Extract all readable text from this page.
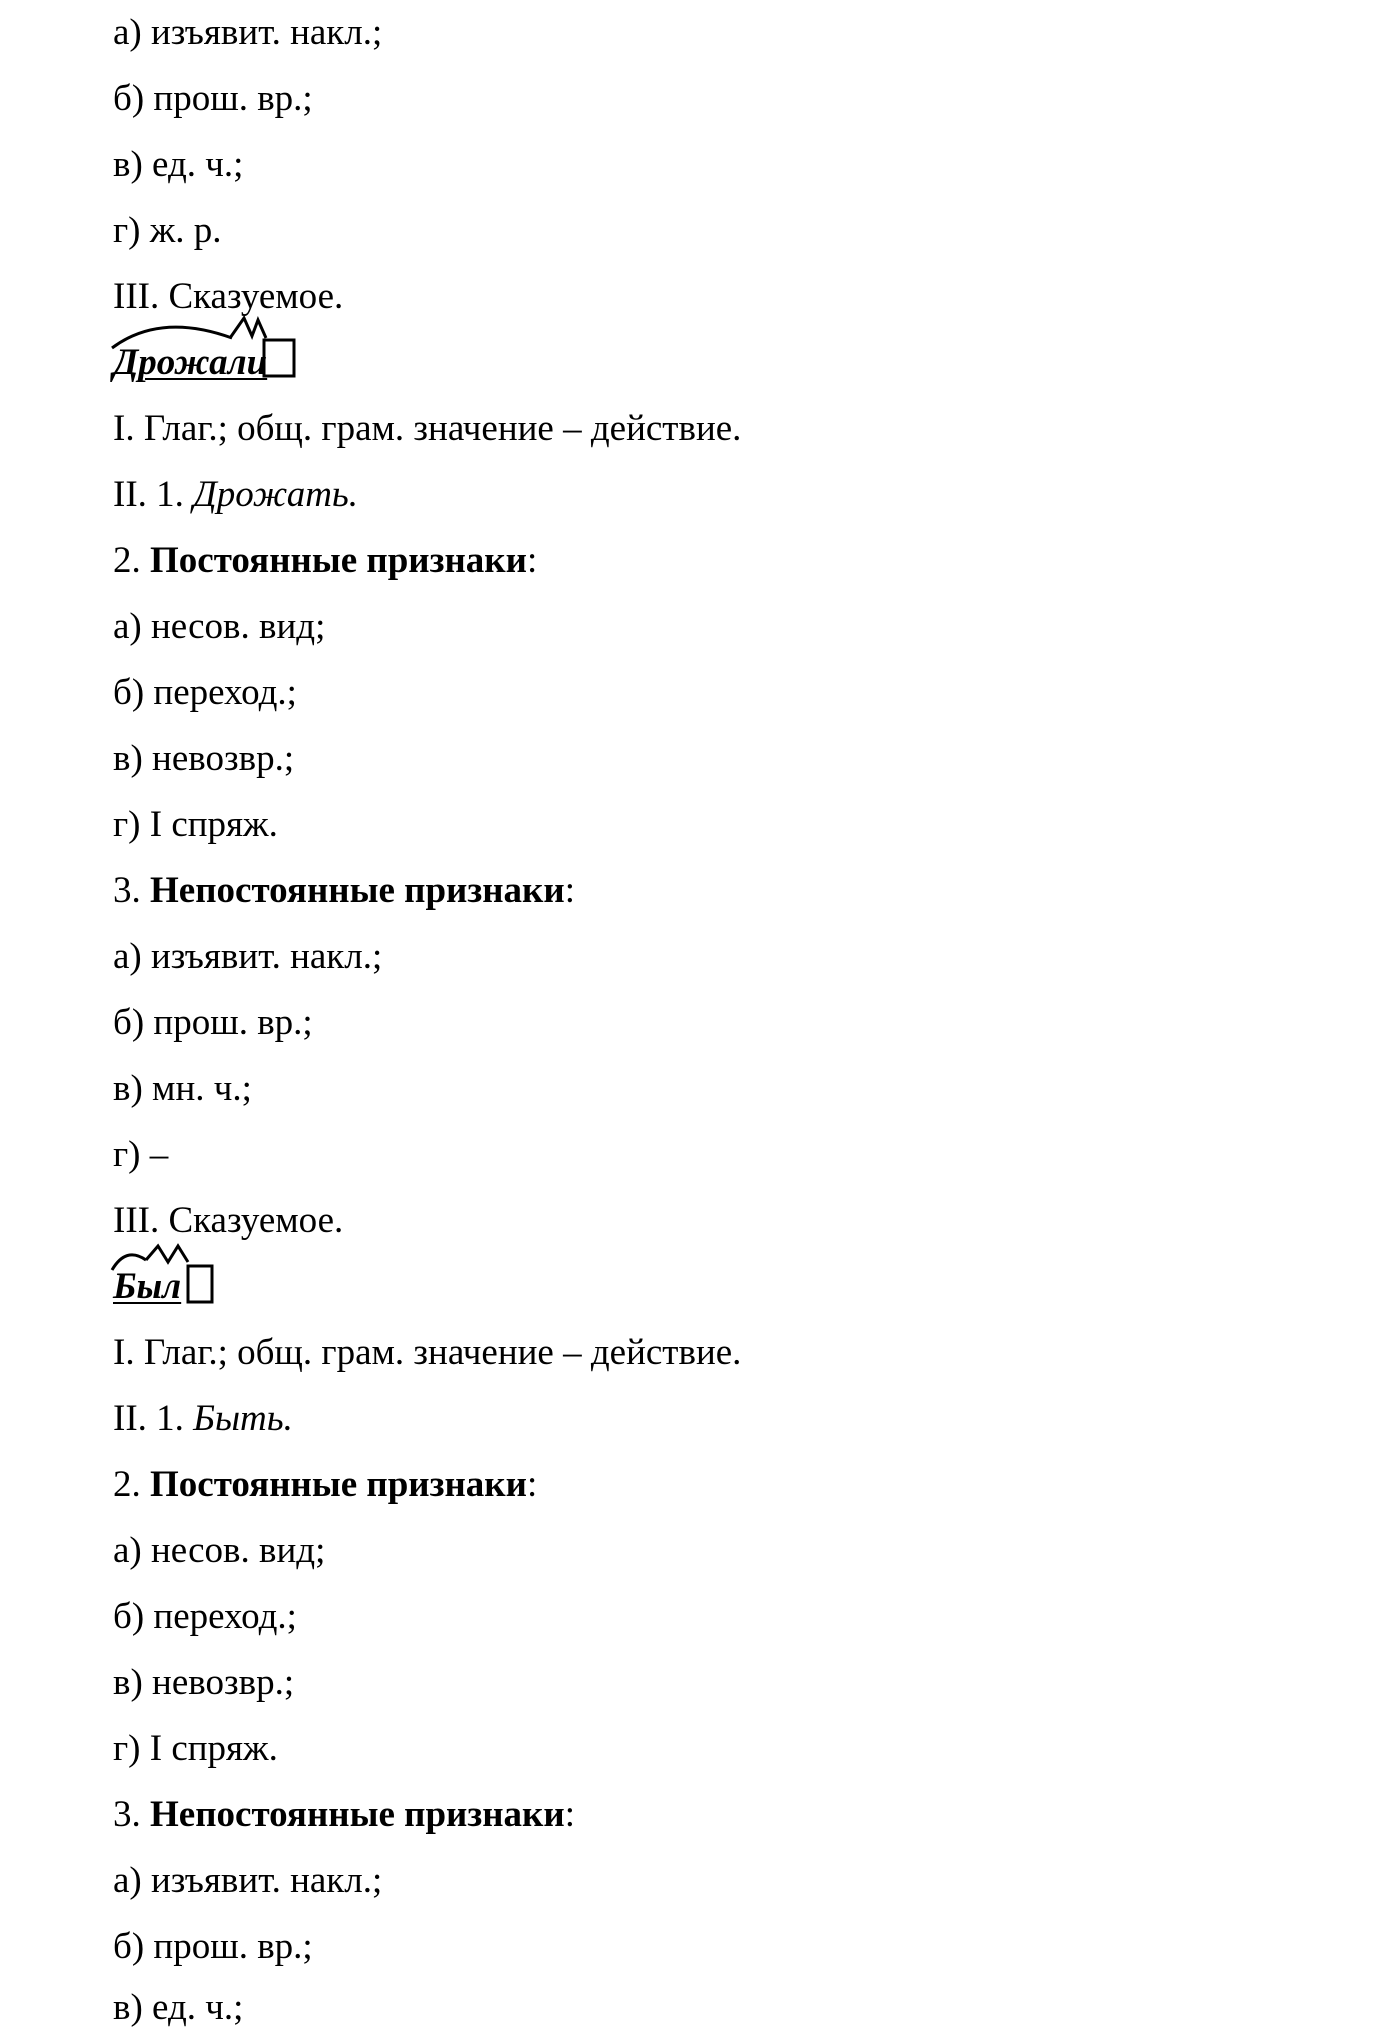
а) изъявит. накл.;
б) прош. вр.;
в) ед. ч.;
г) ж. р.
III. Сказуемое.
Дрожали
I. Глаг.; общ. грам. значение – действие.
II. 1. Дрожать.
2. Постоянные признаки:
а) несов. вид;
б) переход.;
в) невозвр.;
г) I спряж.
3. Непостоянные признаки:
а) изъявит. накл.;
б) прош. вр.;
в) мн. ч.;
г) –
III. Сказуемое.
Был
I. Глаг.; общ. грам. значение – действие.
II. 1. Быть.
2. Постоянные признаки:
а) несов. вид;
б) переход.;
в) невозвр.;
г) I спряж.
3. Непостоянные признаки:
а) изъявит. накл.;
б) прош. вр.;
в) ед. ч.;
